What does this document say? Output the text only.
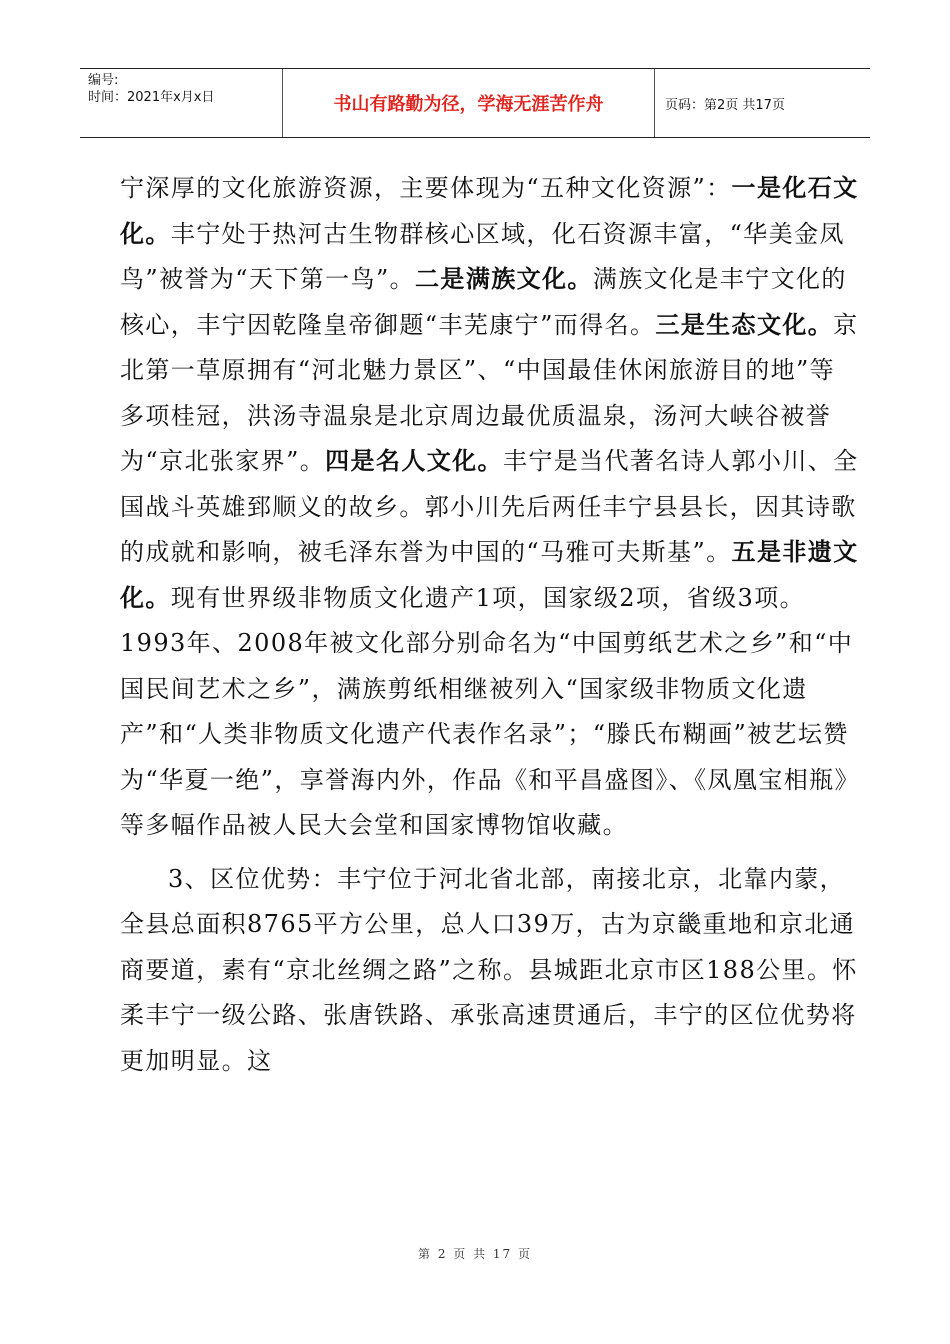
编号:
时间：2021年x月x日	书山有路勤为径，学海无涯苦作舟	页码：第2页 共17页

宁深厚的文化旅游资源，主要体现为“五种文化资源”：一是化石文化。丰宁处于热河古生物群核心区域，化石资源丰富，“华美金凤鸟”被誉为“天下第一鸟”。二是满族文化。满族文化是丰宁文化的核心，丰宁因乾隆皇帝御题“丰芜康宁”而得名。三是生态文化。京北第一草原拥有“河北魅力景区”、“中国最佳休闲旅游目的地”等多项桂冠，洪汤寺温泉是北京周边最优质温泉，汤河大峡谷被誉为“京北张家界”。四是名人文化。丰宁是当代著名诗人郭小川、全国战斗英雄郅顺义的故乡。郭小川先后两任丰宁县县长，因其诗歌的成就和影响，被毛泽东誉为中国的“马雅可夫斯基”。五是非遗文化。现有世界级非物质文化遗产1项，国家级2项，省级3项。1993年、2008年被文化部分别命名为“中国剪纸艺术之乡”和“中国民间艺术之乡”，满族剪纸相继被列入“国家级非物质文化遗产”和“人类非物质文化遗产代表作名录”；“滕氏布糊画”被艺坛赞为“华夏一绝”，享誉海内外，作品《和平昌盛图》、《凤凰宝相瓶》等多幅作品被人民大会堂和国家博物馆收藏。

3、区位优势：丰宁位于河北省北部，南接北京，北靠内蒙，全县总面积8765平方公里，总人口39万，古为京畿重地和京北通商要道，素有“京北丝绸之路”之称。县城距北京市区188公里。怀柔丰宁一级公路、张唐铁路、承张高速贯通后，丰宁的区位优势将更加明显。这

第 2 页 共 17 页
